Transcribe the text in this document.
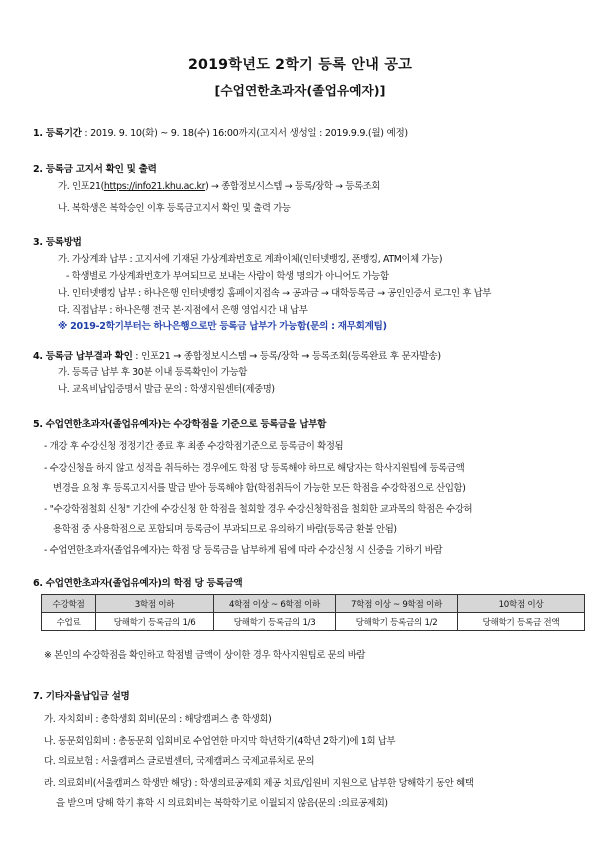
2019학년도 2학기 등록 안내 공고
[수업연한초과자(졸업유예자)]
1. 등록기간 : 2019. 9. 10(화) ~ 9. 18(수) 16:00까지(고지서 생성일 : 2019.9.9.(월) 예정)
2. 등록금 고지서 확인 및 출력
가. 인포21(https://info21.khu.ac.kr) → 종합정보시스템 → 등록/장학 → 등록조회
나. 복학생은 복학승인 이후 등록금고지서 확인 및 출력 가능
3. 등록방법
가. 가상계좌 납부 : 고지서에 기재된 가상계좌번호로 계좌이체(인터넷뱅킹, 폰뱅킹, ATM이체 가능)
- 학생별로 가상계좌번호가 부여되므로 보내는 사람이 학생 명의가 아니어도 가능함
나. 인터넷뱅킹 납부 : 하나은행 인터넷뱅킹 홈페이지접속 → 공과금 → 대학등록금 → 공인인증서 로그인 후 납부
다. 직접납부 : 하나은행 전국 본·지점에서 은행 영업시간 내 납부
※ 2019-2학기부터는 하나은행으로만 등록금 납부가 가능함(문의 : 재무회계팀)
4. 등록금 납부결과 확인 : 인포21 → 종합정보시스템 → 등록/장학 → 등록조회(등록완료 후 문자발송)
가. 등록금 납부 후 30분 이내 등록확인이 가능함
나. 교육비납입증명서 발급 문의 : 학생지원센터(제중명)
5. 수업연한초과자(졸업유예자)는 수강학점을 기준으로 등록금을 납부함
- 개강 후 수강신청 정정기간 종료 후 최종 수강학점기준으로 등록금이 확정됨
- 수강신청을 하지 않고 성적을 취득하는 경우에도 학점 당 등록해야 하므로 해당자는 학사지원팀에 등록금액
변경을 요청 후 등록고지서를 발급 받아 등록해야 함(학점취득이 가능한 모든 학점을 수강학점으로 산입함)
- "수강학점철회 신청" 기간에 수강신청 한 학점을 철회할 경우 수강신청학점을 철회한 교과목의 학점은 수강허
용학점 중 사용학점으로 포함되며 등록금이 부과되므로 유의하기 바람(등록금 환불 안됨)
- 수업연한초과자(졸업유예자)는 학점 당 등록금을 납부하게 됨에 따라 수강신청 시 신중을 기하기 바람
6. 수업연한초과자(졸업유예자)의 학점 당 등록금액
수강학점	3학점 이하	4학점 이상 ~ 6학점 이하	7학점 이상 ~ 9학점 이하	10학점 이상
수업료	당해학기 등록금의 1/6	당해학기 등록금의 1/3	당해학기 등록금의 1/2	당해학기 등록금 전액
※ 본인의 수강학점을 확인하고 학점별 금액이 상이한 경우 학사지원팀로 문의 바람
7. 기타자율납입금 설명
가. 자치회비 : 총학생회 회비(문의 : 해당캠퍼스 총 학생회)
나. 동문회입회비 : 총동문회 입회비로 수업연한 마지막 학년학기(4학년 2학기)에 1회 납부
다. 의료보험 : 서울캠퍼스 글로벌센터, 국제캠퍼스 국제교류처로 문의
라. 의료회비(서울캠퍼스 학생만 해당) : 학생의료공제회 제공 치료/입원비 지원으로 납부한 당해학기 동안 혜택
을 받으며 당해 학기 휴학 시 의료회비는 복학학기로 이월되지 않음(문의 :의료공제회)
